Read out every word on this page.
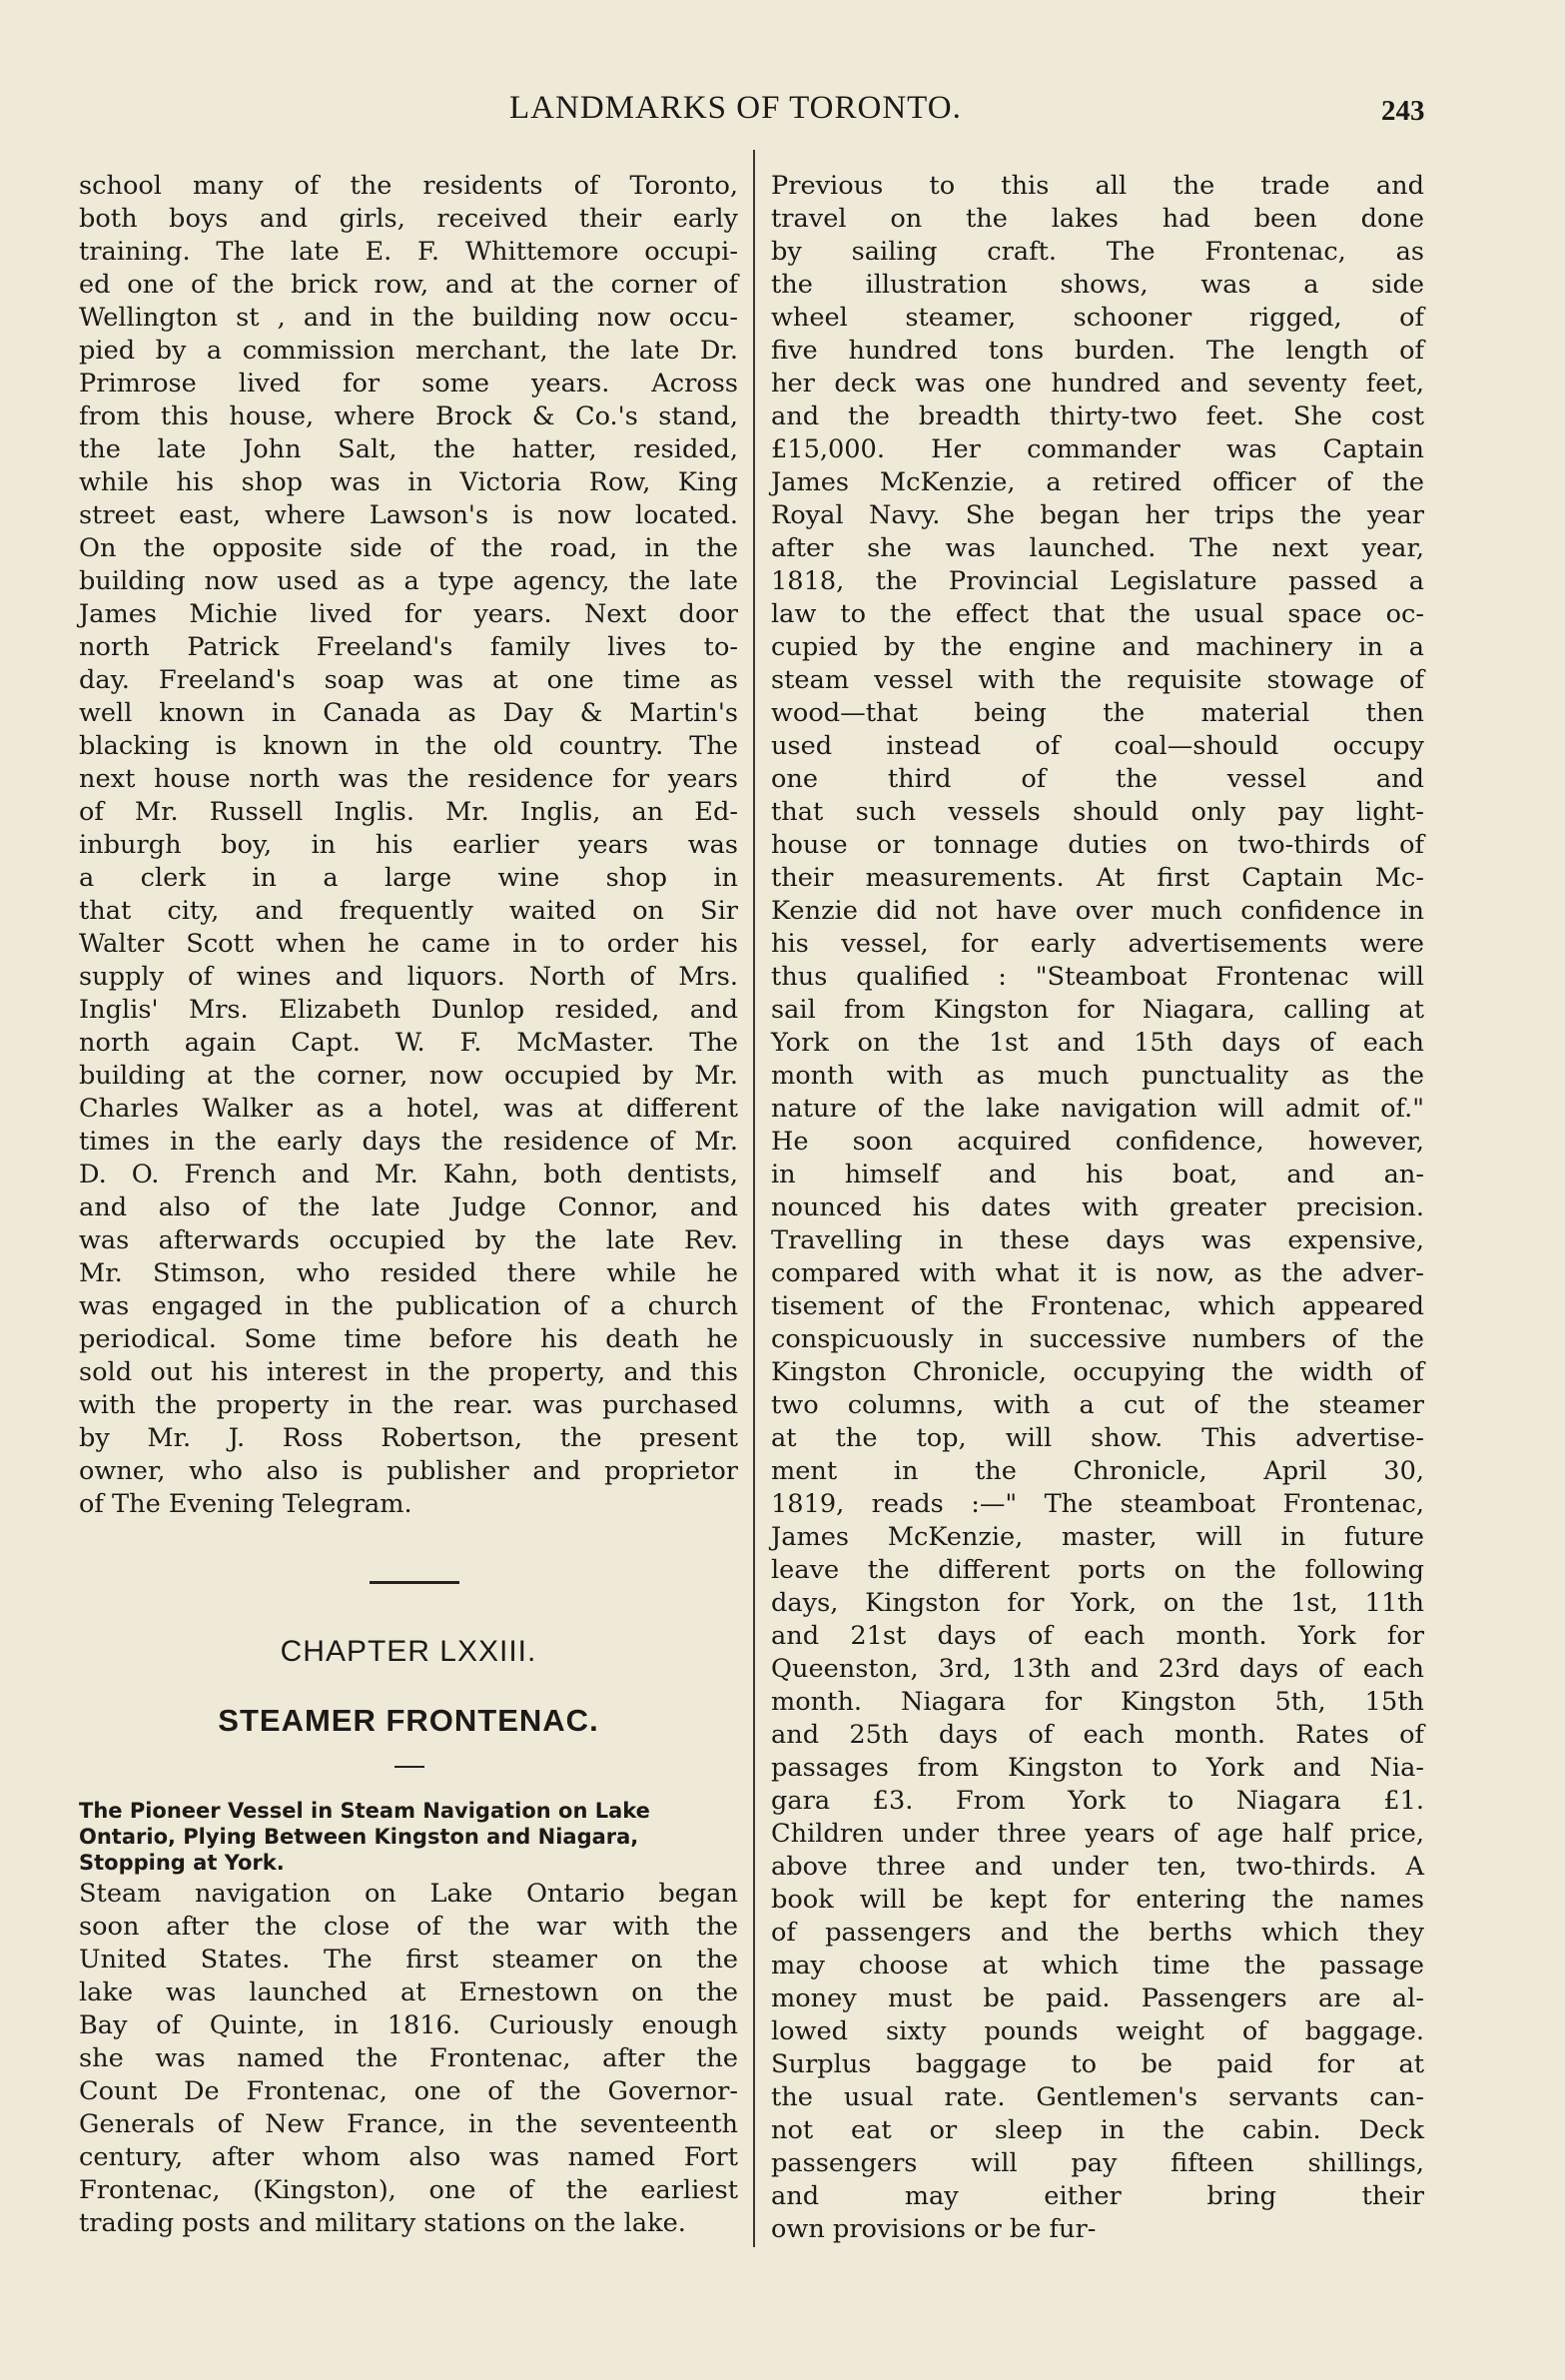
LANDMARKS OF TORONTO.	243
school many of the residents of Toronto,
both boys and girls, received their early
training. The late E. F. Whittemore occupi-
ed one of the brick row, and at the corner of
Wellington st , and in the building now occu-
pied by a commission merchant, the late Dr.
Primrose lived for some years. Across
from this house, where Brock & Co.'s stand,
the late John Salt, the hatter, resided,
while his shop was in Victoria Row, King
street east, where Lawson's is now located.
On the opposite side of the road, in the
building now used as a type agency, the late
James Michie lived for years. Next door
north Patrick Freeland's family lives to-
day. Freeland's soap was at one time as
well known in Canada as Day & Martin's
blacking is known in the old country. The
next house north was the residence for years
of Mr. Russell Inglis. Mr. Inglis, an Ed-
inburgh boy, in his earlier years was
a clerk in a large wine shop in
that city, and frequently waited on Sir
Walter Scott when he came in to order his
supply of wines and liquors. North of Mrs.
Inglis' Mrs. Elizabeth Dunlop resided, and
north again Capt. W. F. McMaster. The
building at the corner, now occupied by Mr.
Charles Walker as a hotel, was at different
times in the early days the residence of Mr.
D. O. French and Mr. Kahn, both dentists,
and also of the late Judge Connor, and
was afterwards occupied by the late Rev.
Mr. Stimson, who resided there while he
was engaged in the publication of a church
periodical. Some time before his death he
sold out his interest in the property, and this
with the property in the rear. was purchased
by Mr. J. Ross Robertson, the present
owner, who also is publisher and proprietor
of The Evening Telegram.
CHAPTER LXXIII.
STEAMER FRONTENAC.
The Pioneer Vessel in Steam Navigation on Lake Ontario, Plying Between Kingston and Niagara, Stopping at York.
Steam navigation on Lake Ontario began
soon after the close of the war with the
United States. The first steamer on the
lake was launched at Ernestown on the
Bay of Quinte, in 1816. Curiously enough
she was named the Frontenac, after the
Count De Frontenac, one of the Governor-
Generals of New France, in the seventeenth
century, after whom also was named Fort
Frontenac, (Kingston), one of the earliest
trading posts and military stations on the lake.
Previous to this all the trade and
travel on the lakes had been done
by sailing craft. The Frontenac, as
the illustration shows, was a side
wheel steamer, schooner rigged, of
five hundred tons burden. The length of
her deck was one hundred and seventy feet,
and the breadth thirty-two feet. She cost
£15,000. Her commander was Captain
James McKenzie, a retired officer of the
Royal Navy. She began her trips the year
after she was launched. The next year,
1818, the Provincial Legislature passed a
law to the effect that the usual space oc-
cupied by the engine and machinery in a
steam vessel with the requisite stowage of
wood—that being the material then
used instead of coal—should occupy
one third of the vessel and
that such vessels should only pay light-
house or tonnage duties on two-thirds of
their measurements. At first Captain Mc-
Kenzie did not have over much confidence in
his vessel, for early advertisements were
thus qualified : "Steamboat Frontenac will
sail from Kingston for Niagara, calling at
York on the 1st and 15th days of each
month with as much punctuality as the
nature of the lake navigation will admit of."
He soon acquired confidence, however,
in himself and his boat, and an-
nounced his dates with greater precision.
Travelling in these days was expensive,
compared with what it is now, as the adver-
tisement of the Frontenac, which appeared
conspicuously in successive numbers of the
Kingston Chronicle, occupying the width of
two columns, with a cut of the steamer
at the top, will show. This advertise-
ment in the Chronicle, April 30,
1819, reads :—" The steamboat Frontenac,
James McKenzie, master, will in future
leave the different ports on the following
days, Kingston for York, on the 1st, 11th
and 21st days of each month. York for
Queenston, 3rd, 13th and 23rd days of each
month. Niagara for Kingston 5th, 15th
and 25th days of each month. Rates of
passages from Kingston to York and Nia-
gara £3. From York to Niagara £1.
Children under three years of age half price,
above three and under ten, two-thirds. A
book will be kept for entering the names
of passengers and the berths which they
may choose at which time the passage
money must be paid. Passengers are al-
lowed sixty pounds weight of baggage.
Surplus baggage to be paid for at
the usual rate. Gentlemen's servants can-
not eat or sleep in the cabin. Deck
passengers will pay fifteen shillings,
and may either bring their
own provisions or be fur-
